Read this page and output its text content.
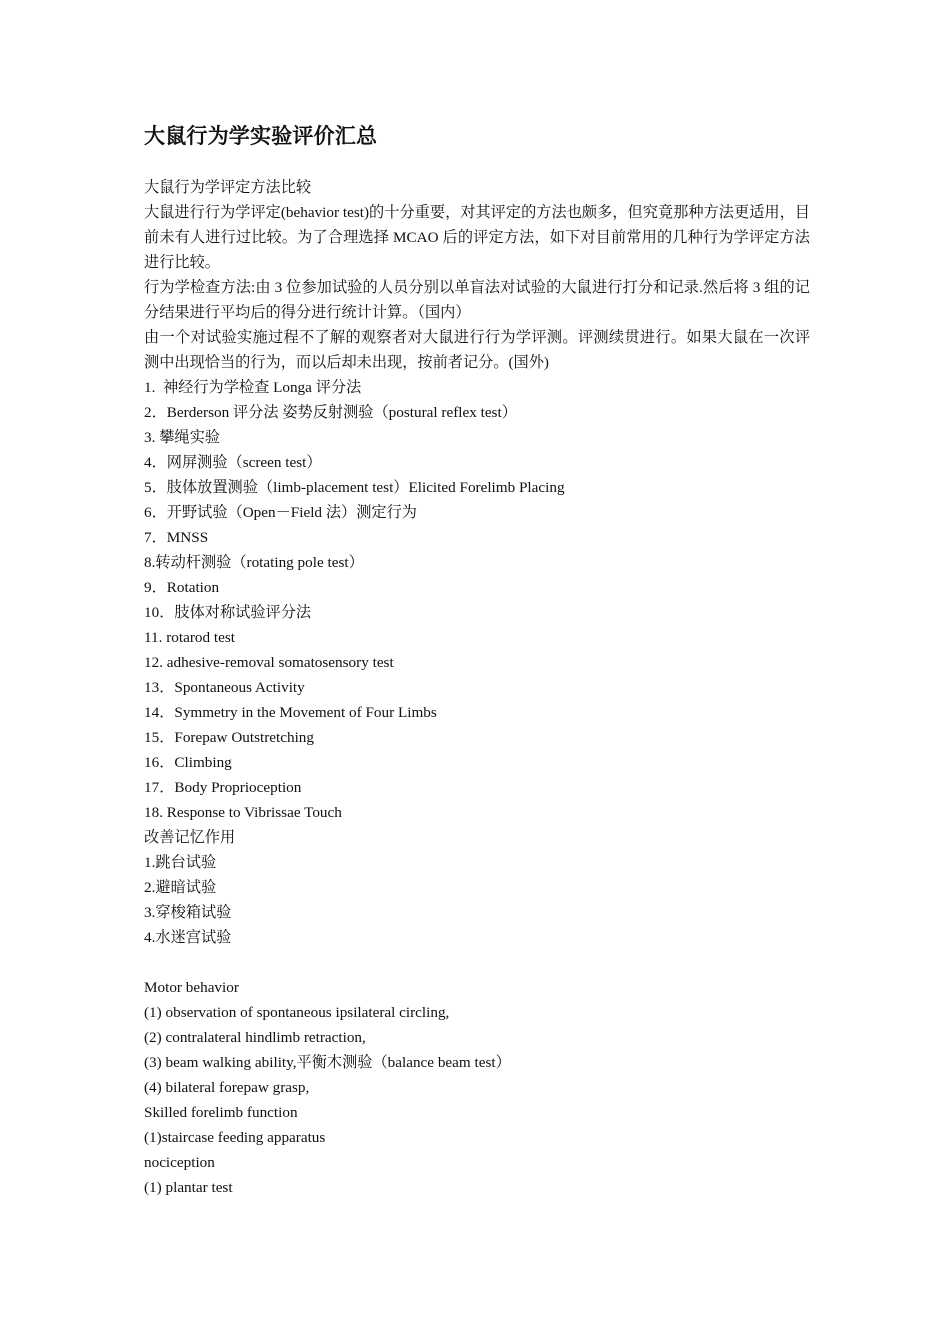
大鼠行为学实验评价汇总
大鼠行为学评定方法比较
大鼠进行行为学评定(behavior test)的十分重要，对其评定的方法也颇多，但究竟那种方法更适用，目前未有人进行过比较。为了合理选择 MCAO 后的评定方法，如下对目前常用的几种行为学评定方法进行比较。
行为学检查方法:由 3 位参加试验的人员分别以单盲法对试验的大鼠进行打分和记录.然后将 3 组的记分结果进行平均后的得分进行统计计算。（国内）
由一个对试验实施过程不了解的观察者对大鼠进行行为学评测。评测续贯进行。如果大鼠在一次评测中出现恰当的行为，而以后却未出现，按前者记分。(国外)
1.  神经行为学检查 Longa 评分法
2．Berderson 评分法 姿势反射测验（postural reflex test）
3. 攀绳实验
4．网屏测验（screen test）
5．肢体放置测验（limb-placement test）Elicited Forelimb Placing
6．开野试验（Open－Field 法）测定行为
7．MNSS
8.转动杆测验（rotating pole test）
9．Rotation
10．肢体对称试验评分法
11. rotarod test
12. adhesive-removal somatosensory test
13．Spontaneous Activity
14．Symmetry in the Movement of Four Limbs
15．Forepaw Outstretching
16．Climbing
17．Body Proprioception
18. Response to Vibrissae Touch
改善记忆作用
1.跳台试验
2.避暗试验
3.穿梭箱试验
4.水迷宫试验
Motor behavior
(1) observation of spontaneous ipsilateral circling,
(2) contralateral hindlimb retraction,
(3) beam walking ability,平衡木测验（balance beam test）
(4) bilateral forepaw grasp,
Skilled forelimb function
(1)staircase feeding apparatus
nociception
(1) plantar test
